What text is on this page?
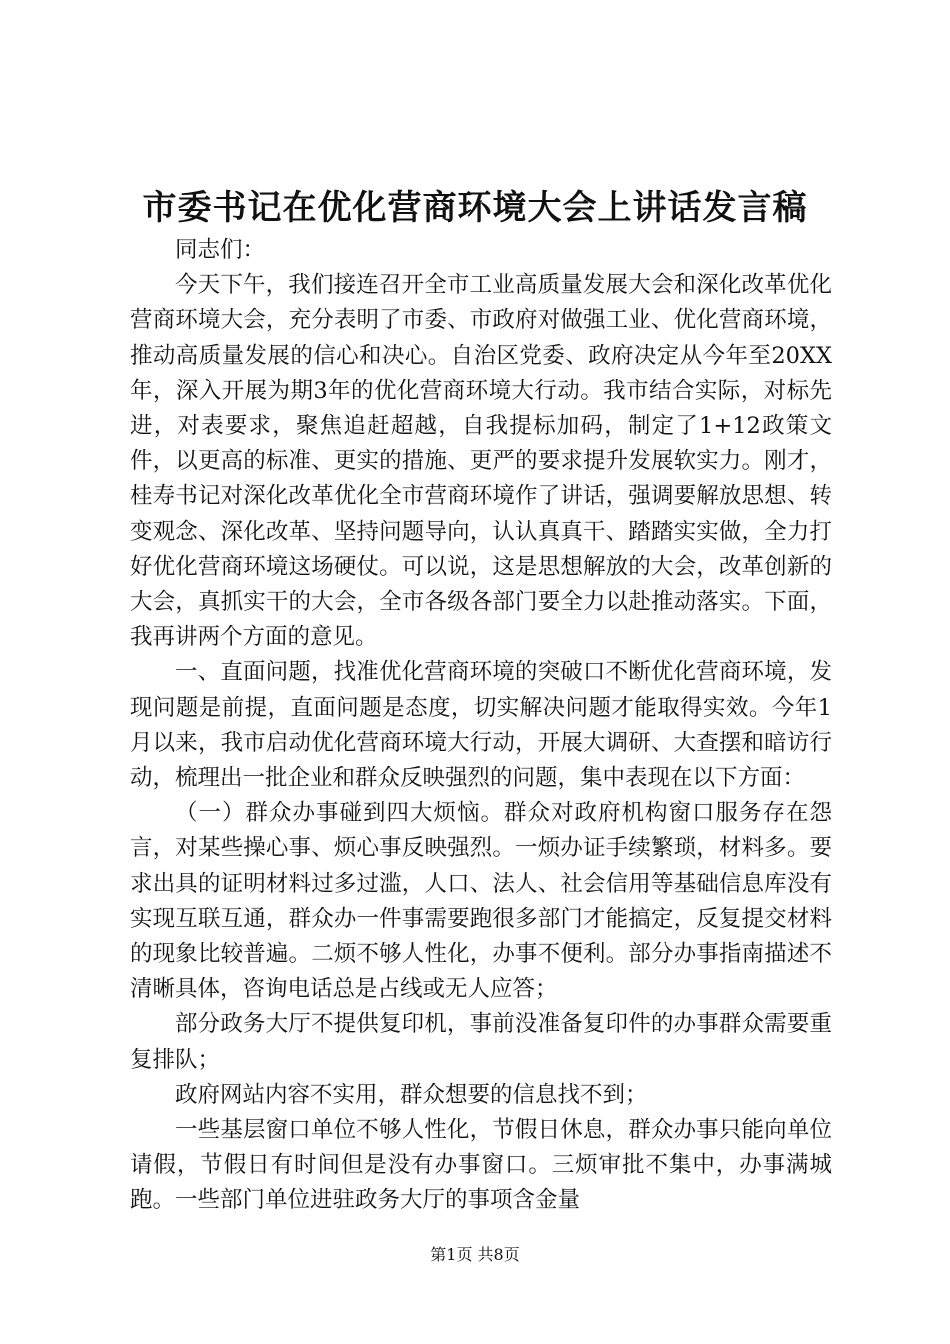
市委书记在优化营商环境大会上讲话发言稿

同志们：

今天下午，我们接连召开全市工业高质量发展大会和深化改革优化营商环境大会，充分表明了市委、市政府对做强工业、优化营商环境，推动高质量发展的信心和决心。自治区党委、政府决定从今年至20XX年，深入开展为期3年的优化营商环境大行动。我市结合实际，对标先进，对表要求，聚焦追赶超越，自我提标加码，制定了1+12政策文件，以更高的标准、更实的措施、更严的要求提升发展软实力。刚才，桂寿书记对深化改革优化全市营商环境作了讲话，强调要解放思想、转变观念、深化改革、坚持问题导向，认认真真干、踏踏实实做，全力打好优化营商环境这场硬仗。可以说，这是思想解放的大会，改革创新的大会，真抓实干的大会，全市各级各部门要全力以赴推动落实。下面，我再讲两个方面的意见。

一、直面问题，找准优化营商环境的突破口不断优化营商环境，发现问题是前提，直面问题是态度，切实解决问题才能取得实效。今年1月以来，我市启动优化营商环境大行动，开展大调研、大查摆和暗访行动，梳理出一批企业和群众反映强烈的问题，集中表现在以下方面：

（一）群众办事碰到四大烦恼。群众对政府机构窗口服务存在怨言，对某些操心事、烦心事反映强烈。一烦办证手续繁琐，材料多。要求出具的证明材料过多过滥，人口、法人、社会信用等基础信息库没有实现互联互通，群众办一件事需要跑很多部门才能搞定，反复提交材料的现象比较普遍。二烦不够人性化，办事不便利。部分办事指南描述不清晰具体，咨询电话总是占线或无人应答；

部分政务大厅不提供复印机，事前没准备复印件的办事群众需要重复排队；

政府网站内容不实用，群众想要的信息找不到；

一些基层窗口单位不够人性化，节假日休息，群众办事只能向单位请假，节假日有时间但是没有办事窗口。三烦审批不集中，办事满城跑。一些部门单位进驻政务大厅的事项含金量

第1页 共8页
